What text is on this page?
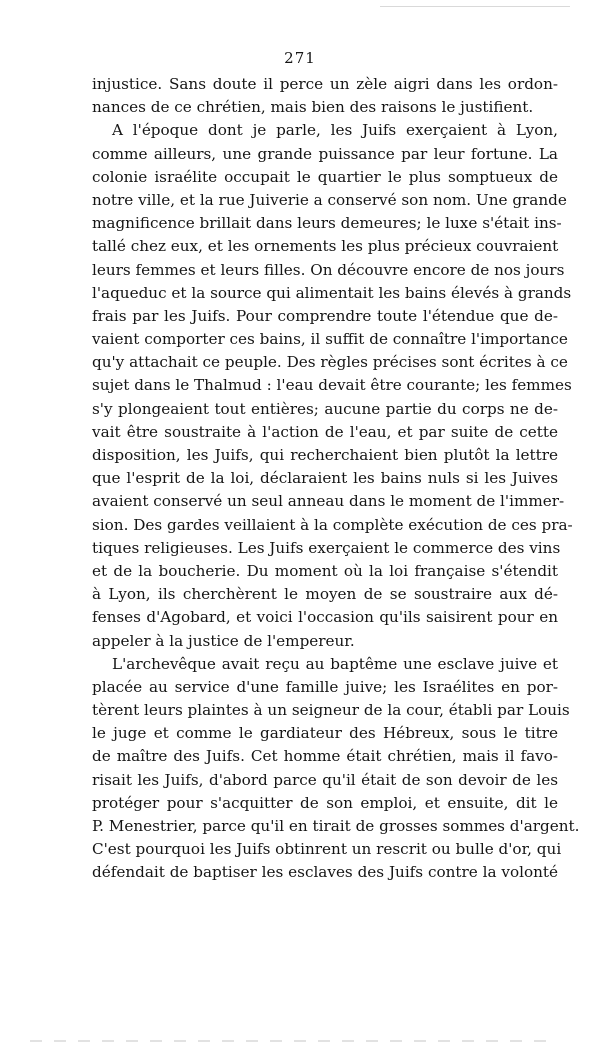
271
injustice. Sans doute il perce un zèle aigri dans les ordon-
nances de ce chrétien, mais bien des raisons le justifient.
A l'époque dont je parle, les Juifs exerçaient à Lyon,
comme ailleurs, une grande puissance par leur fortune. La
colonie israélite occupait le quartier le plus somptueux de
notre ville, et la rue Juiverie a conservé son nom. Une grande
magnificence brillait dans leurs demeures; le luxe s'était ins-
tallé chez eux, et les ornements les plus précieux couvraient
leurs femmes et leurs filles. On découvre encore de nos jours
l'aqueduc et la source qui alimentait les bains élevés à grands
frais par les Juifs. Pour comprendre toute l'étendue que de-
vaient comporter ces bains, il suffit de connaître l'importance
qu'y attachait ce peuple. Des règles précises sont écrites à ce
sujet dans le Thalmud : l'eau devait être courante; les femmes
s'y plongeaient tout entières; aucune partie du corps ne de-
vait être soustraite à l'action de l'eau, et par suite de cette
disposition, les Juifs, qui recherchaient bien plutôt la lettre
que l'esprit de la loi, déclaraient les bains nuls si les Juives
avaient conservé un seul anneau dans le moment de l'immer-
sion. Des gardes veillaient à la complète exécution de ces pra-
tiques religieuses. Les Juifs exerçaient le commerce des vins
et de la boucherie. Du moment où la loi française s'étendit
à Lyon, ils cherchèrent le moyen de se soustraire aux dé-
fenses d'Agobard, et voici l'occasion qu'ils saisirent pour en
appeler à la justice de l'empereur.
L'archevêque avait reçu au baptême une esclave juive et
placée au service d'une famille juive; les Israélites en por-
tèrent leurs plaintes à un seigneur de la cour, établi par Louis
le juge et comme le gardiateur des Hébreux, sous le titre
de maître des Juifs. Cet homme était chrétien, mais il favo-
risait les Juifs, d'abord parce qu'il était de son devoir de les
protéger pour s'acquitter de son emploi, et ensuite, dit le
P. Menestrier, parce qu'il en tirait de grosses sommes d'argent.
C'est pourquoi les Juifs obtinrent un rescrit ou bulle d'or, qui
défendait de baptiser les esclaves des Juifs contre la volonté
